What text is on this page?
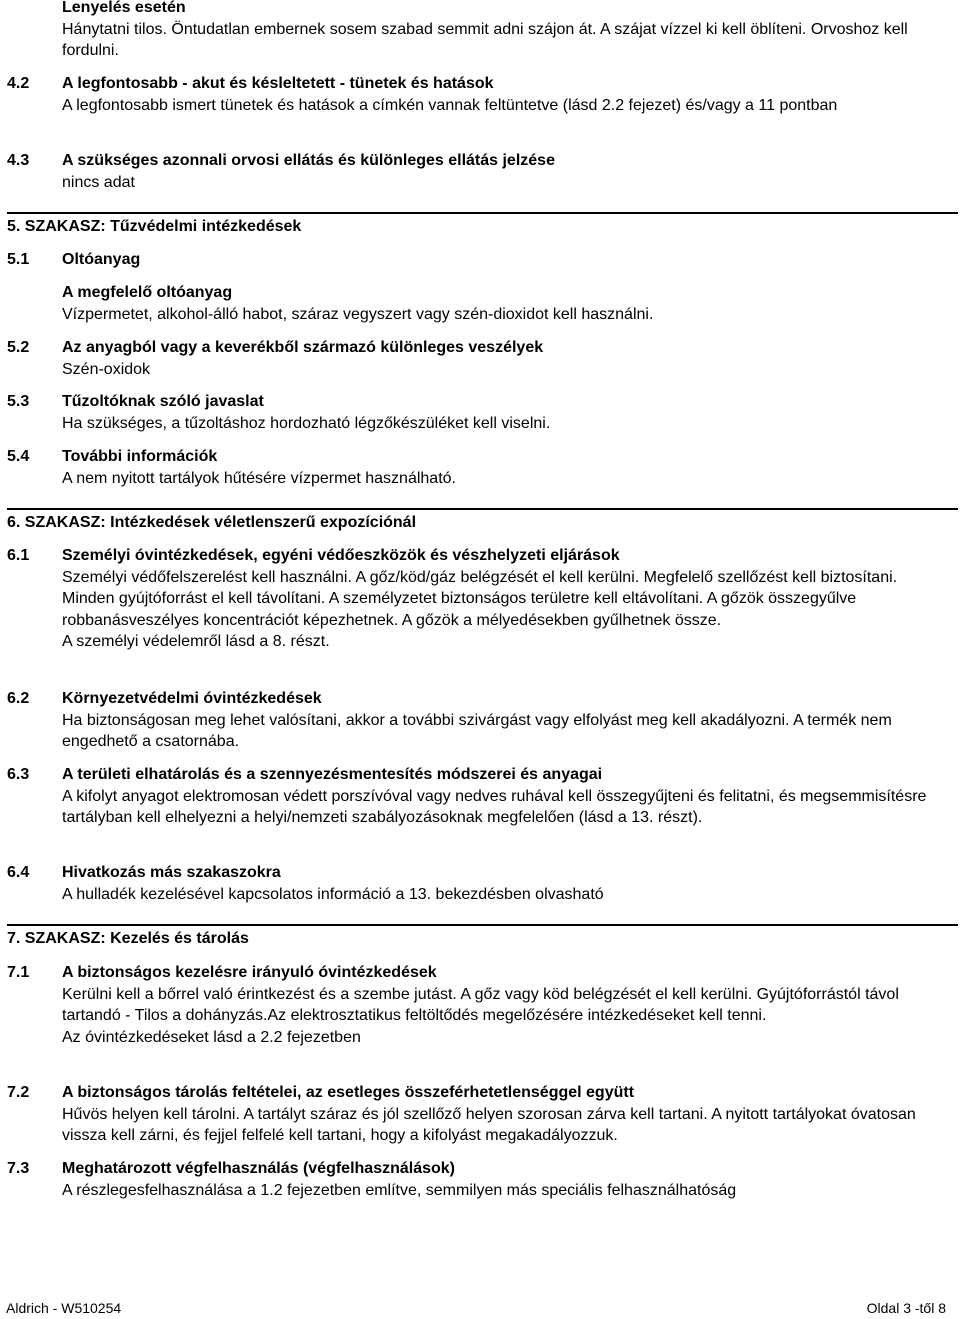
Lenyelés esetén
Hánytatni tilos. Öntudatlan embernek sosem szabad semmit adni szájon át. A szájat vízzel ki kell öblíteni. Orvoshoz kell fordulni.
4.2 A legfontosabb - akut és késleltetett - tünetek és hatások
A legfontosabb ismert tünetek és hatások a címkén vannak feltüntetve (lásd 2.2 fejezet) és/vagy a 11 pontban
4.3 A szükséges azonnali orvosi ellátás és különleges ellátás jelzése
nincs adat
5. SZAKASZ: Tűzvédelmi intézkedések
5.1 Oltóanyag
A megfelelő oltóanyag
Vízpermetet, alkohol-álló habot, száraz vegyszert vagy szén-dioxidot kell használni.
5.2 Az anyagból vagy a keverékből származó különleges veszélyek
Szén-oxidok
5.3 Tűzoltóknak szóló javaslat
Ha szükséges, a tűzoltáshoz hordozható légzőkészüléket kell viselni.
5.4 További információk
A nem nyitott tartályok hűtésére vízpermet használható.
6. SZAKASZ: Intézkedések véletlenszerű expozíciónál
6.1 Személyi óvintézkedések, egyéni védőeszközök és vészhelyzeti eljárások
Személyi védőfelszerelést kell használni. A gőz/köd/gáz belégzését el kell kerülni. Megfelelő szellőzést kell biztosítani. Minden gyújtóforrást el kell távolítani. A személyzetet biztonságos területre kell eltávolítani. A gőzök összegyűlve robbanásveszélyes koncentrációt képezhetnek. A gőzök a mélyedésekben gyűlhetnek össze.
A személyi védelemről lásd a 8. részt.
6.2 Környezetvédelmi óvintézkedések
Ha biztonságosan meg lehet valósítani, akkor a további szivárgást vagy elfolyást meg kell akadályozni. A termék nem engedhető a csatornába.
6.3 A területi elhatárolás és a szennyezésmentesítés módszerei és anyagai
A kifolyt anyagot elektromosan védett porszívóval vagy nedves ruhával kell összegyűjteni és felitatni, és megsemmisítésre tartályban kell elhelyezni a helyi/nemzeti szabályozásoknak megfelelően (lásd a 13. részt).
6.4 Hivatkozás más szakaszokra
A hulladék kezelésével kapcsolatos információ a 13. bekezdésben olvasható
7. SZAKASZ: Kezelés és tárolás
7.1 A biztonságos kezelésre irányuló óvintézkedések
Kerülni kell a bőrrel való érintkezést és a szembe jutást. A gőz vagy köd belégzését el kell kerülni. Gyújtóforrástól távol tartandó - Tilos a dohányzás.Az elektrosztatikus feltöltődés megelőzésére intézkedéseket kell tenni.
Az óvintézkedéseket lásd a 2.2 fejezetben
7.2 A biztonságos tárolás feltételei, az esetleges összeférhetetlenséggel együtt
Hűvös helyen kell tárolni. A tartályt száraz és jól szellőző helyen szorosan zárva kell tartani. A nyitott tartályokat óvatosan vissza kell zárni, és fejjel felfelé kell tartani, hogy a kifolyást megakadályozzuk.
7.3 Meghatározott végfelhasználás (végfelhasználások)
A részlegesfelhasználása a 1.2 fejezetben említve, semmilyen más speciális felhasználhatóság
Aldrich - W510254	Oldal 3 -től 8
